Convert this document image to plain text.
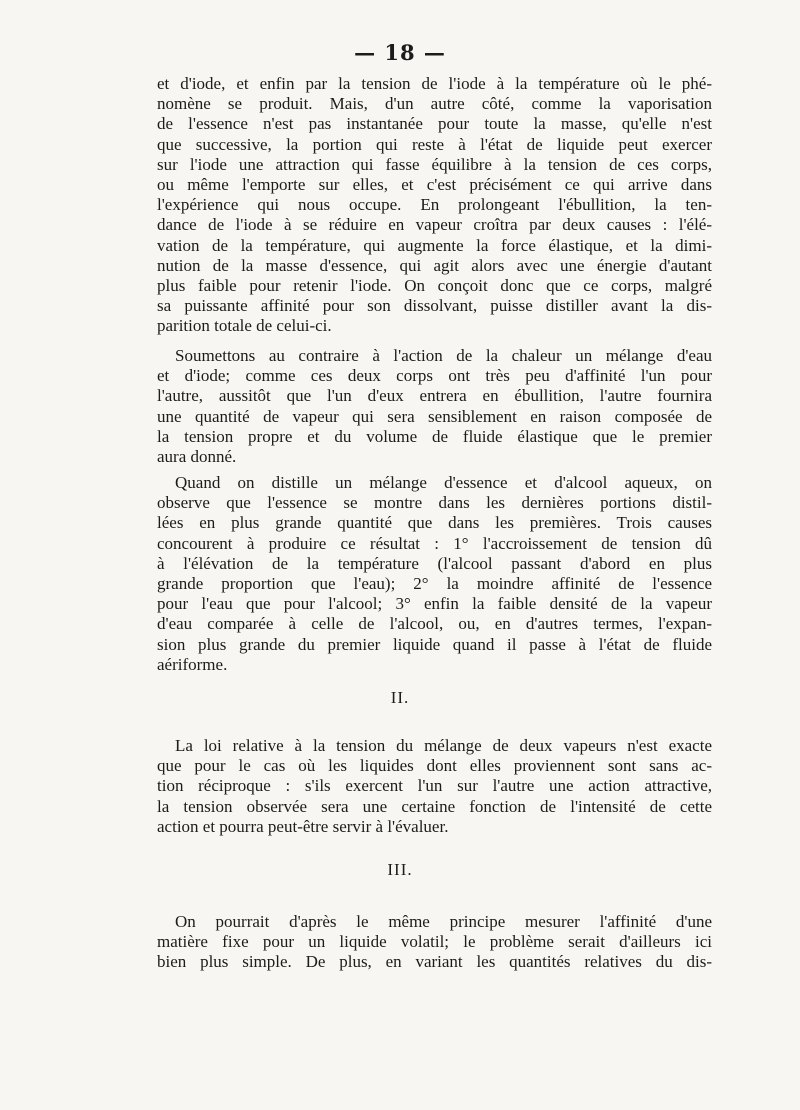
— 18 —
et d'iode, et enfin par la tension de l'iode à la température où le phé-
nomène se produit. Mais, d'un autre côté, comme la vaporisation
de l'essence n'est pas instantanée pour toute la masse, qu'elle n'est
que successive, la portion qui reste à l'état de liquide peut exercer
sur l'iode une attraction qui fasse équilibre à la tension de ces corps,
ou même l'emporte sur elles, et c'est précisément ce qui arrive dans
l'expérience qui nous occupe. En prolongeant l'ébullition, la ten-
dance de l'iode à se réduire en vapeur croîtra par deux causes : l'élé-
vation de la température, qui augmente la force élastique, et la dimi-
nution de la masse d'essence, qui agit alors avec une énergie d'autant
plus faible pour retenir l'iode. On conçoit donc que ce corps, malgré
sa puissante affinité pour son dissolvant, puisse distiller avant la dis-
parition totale de celui-ci.
Soumettons au contraire à l'action de la chaleur un mélange d'eau
et d'iode; comme ces deux corps ont très peu d'affinité l'un pour
l'autre, aussitôt que l'un d'eux entrera en ébullition, l'autre fournira
une quantité de vapeur qui sera sensiblement en raison composée de
la tension propre et du volume de fluide élastique que le premier
aura donné.
Quand on distille un mélange d'essence et d'alcool aqueux, on
observe que l'essence se montre dans les dernières portions distil-
lées en plus grande quantité que dans les premières. Trois causes
concourent à produire ce résultat : 1° l'accroissement de tension dû
à l'élévation de la température (l'alcool passant d'abord en plus
grande proportion que l'eau); 2° la moindre affinité de l'essence
pour l'eau que pour l'alcool; 3° enfin la faible densité de la vapeur
d'eau comparée à celle de l'alcool, ou, en d'autres termes, l'expan-
sion plus grande du premier liquide quand il passe à l'état de fluide
aériforme.
II.
La loi relative à la tension du mélange de deux vapeurs n'est exacte
que pour le cas où les liquides dont elles proviennent sont sans ac-
tion réciproque : s'ils exercent l'un sur l'autre une action attractive,
la tension observée sera une certaine fonction de l'intensité de cette
action et pourra peut-être servir à l'évaluer.
III.
On pourrait d'après le même principe mesurer l'affinité d'une
matière fixe pour un liquide volatil; le problème serait d'ailleurs ici
bien plus simple. De plus, en variant les quantités relatives du dis-
